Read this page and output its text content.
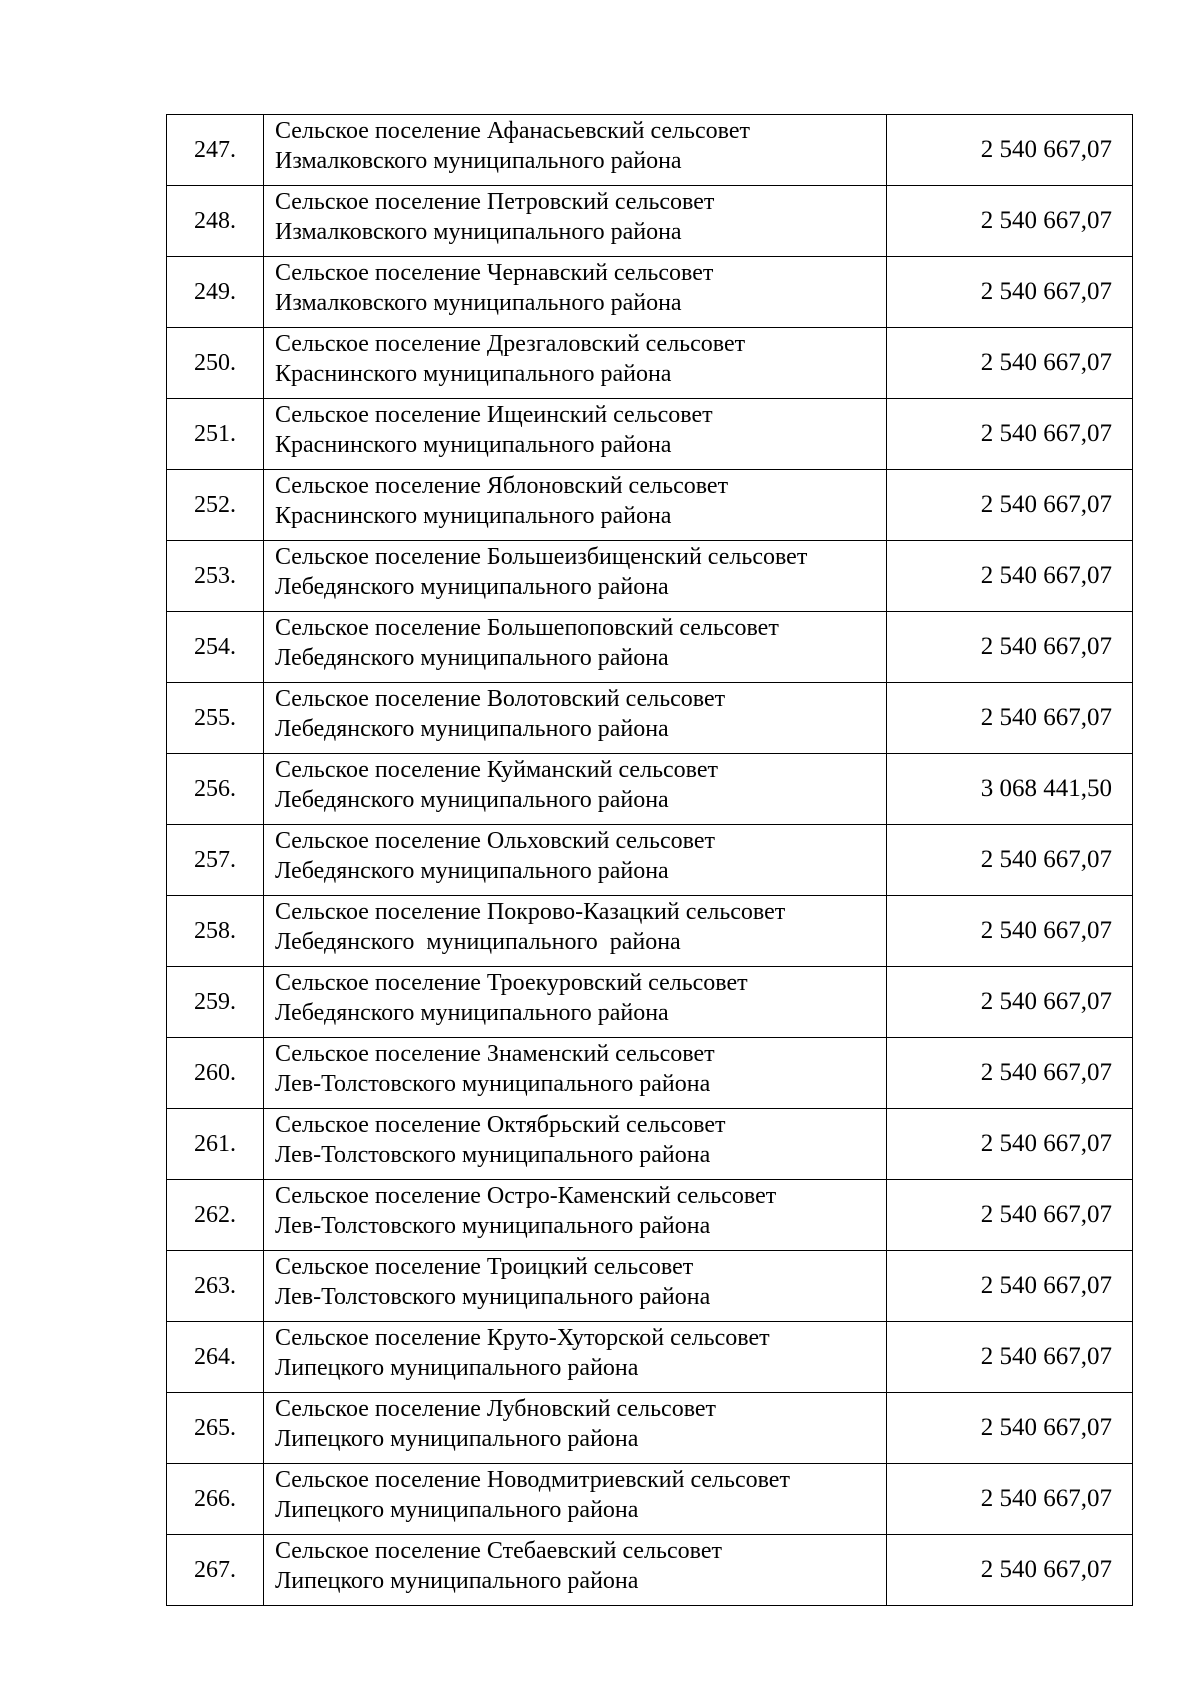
247.	Сельское поселение Афанасьевский сельсовет
Измалковского муниципального района	2 540 667,07
248.	Сельское поселение Петровский сельсовет
Измалковского муниципального района	2 540 667,07
249.	Сельское поселение Чернавский сельсовет
Измалковского муниципального района	2 540 667,07
250.	Сельское поселение Дрезгаловский сельсовет
Краснинского муниципального района	2 540 667,07
251.	Сельское поселение Ищеинский сельсовет
Краснинского муниципального района	2 540 667,07
252.	Сельское поселение Яблоновский сельсовет
Краснинского муниципального района	2 540 667,07
253.	Сельское поселение Большеизбищенский сельсовет
Лебедянского муниципального района	2 540 667,07
254.	Сельское поселение Большепоповский сельсовет
Лебедянского муниципального района	2 540 667,07
255.	Сельское поселение Волотовский сельсовет
Лебедянского муниципального района	2 540 667,07
256.	Сельское поселение Куйманский сельсовет
Лебедянского муниципального района	3 068 441,50
257.	Сельское поселение Ольховский сельсовет
Лебедянского муниципального района	2 540 667,07
258.	Сельское поселение Покрово-Казацкий сельсовет
Лебедянского  муниципального  района	2 540 667,07
259.	Сельское поселение Троекуровский сельсовет
Лебедянского муниципального района	2 540 667,07
260.	Сельское поселение Знаменский сельсовет
Лев-Толстовского муниципального района	2 540 667,07
261.	Сельское поселение Октябрьский сельсовет
Лев-Толстовского муниципального района	2 540 667,07
262.	Сельское поселение Остро-Каменский сельсовет
Лев-Толстовского муниципального района	2 540 667,07
263.	Сельское поселение Троицкий сельсовет
Лев-Толстовского муниципального района	2 540 667,07
264.	Сельское поселение Круто-Хуторской сельсовет
Липецкого муниципального района	2 540 667,07
265.	Сельское поселение Лубновский сельсовет
Липецкого муниципального района	2 540 667,07
266.	Сельское поселение Новодмитриевский сельсовет
Липецкого муниципального района	2 540 667,07
267.	Сельское поселение Стебаевский сельсовет
Липецкого муниципального района	2 540 667,07
